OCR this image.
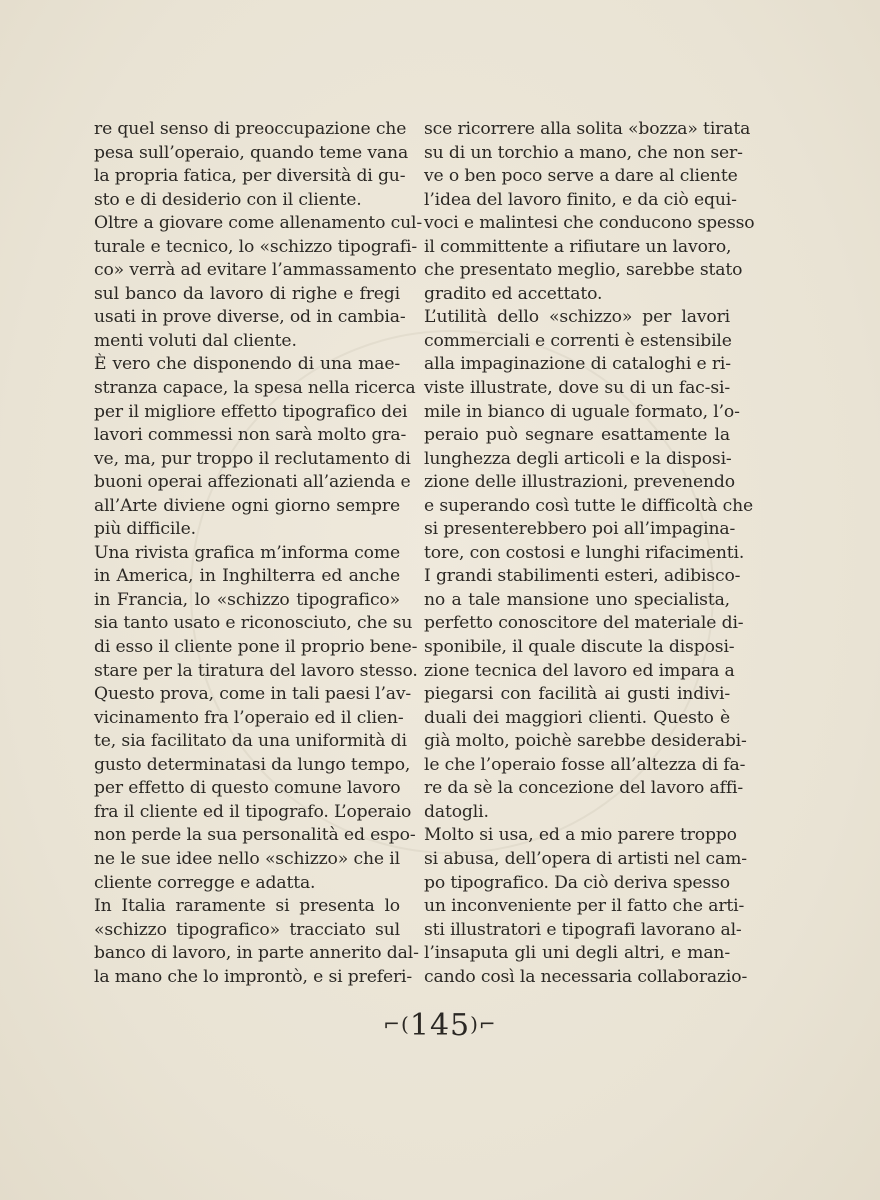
re quel senso di preoccupazione che
pesa sull’operaio, quando teme vana
la propria fatica, per diversità di gu-
sto e di desiderio con il cliente.
Oltre a giovare come allenamento cul-
turale e tecnico, lo «schizzo tipografi-
co» verrà ad evitare l’ammassamento
sul banco da lavoro di righe e fregi
usati in prove diverse, od in cambia-
menti voluti dal cliente.
È vero che disponendo di una mae-
stranza capace, la spesa nella ricerca
per il migliore effetto tipografico dei
lavori commessi non sarà molto gra-
ve, ma, pur troppo il reclutamento di
buoni operai affezionati all’azienda e
all’Arte diviene ogni giorno sempre
più difficile.
Una rivista grafica m’informa come
in America, in Inghilterra ed anche
in Francia, lo «schizzo tipografico»
sia tanto usato e riconosciuto, che su
di esso il cliente pone il proprio bene-
stare per la tiratura del lavoro stesso.
Questo prova, come in tali paesi l’av-
vicinamento fra l’operaio ed il clien-
te, sia facilitato da una uniformità di
gusto determinatasi da lungo tempo,
per effetto di questo comune lavoro
fra il cliente ed il tipografo. L’operaio
non perde la sua personalità ed espo-
ne le sue idee nello «schizzo» che il
cliente corregge e adatta.
In Italia raramente si presenta lo
«schizzo tipografico» tracciato sul
banco di lavoro, in parte annerito dal-
la mano che lo improntò, e si preferi-
sce ricorrere alla solita «bozza» tirata
su di un torchio a mano, che non ser-
ve o ben poco serve a dare al cliente
l’idea del lavoro finito, e da ciò equi-
voci e malintesi che conducono spesso
il committente a rifiutare un lavoro,
che presentato meglio, sarebbe stato
gradito ed accettato.
L’utilità dello «schizzo» per lavori
commerciali e correnti è estensibile
alla impaginazione di cataloghi e ri-
viste illustrate, dove su di un fac-si-
mile in bianco di uguale formato, l’o-
peraio può segnare esattamente la
lunghezza degli articoli e la disposi-
zione delle illustrazioni, prevenendo
e superando così tutte le difficoltà che
si presenterebbero poi all’impagina-
tore, con costosi e lunghi rifacimenti.
I grandi stabilimenti esteri, adibisco-
no a tale mansione uno specialista,
perfetto conoscitore del materiale di-
sponibile, il quale discute la disposi-
zione tecnica del lavoro ed impara a
piegarsi con facilità ai gusti indivi-
duali dei maggiori clienti. Questo è
già molto, poichè sarebbe desiderabi-
le che l’operaio fosse all’altezza di fa-
re da sè la concezione del lavoro affi-
datogli.
Molto si usa, ed a mio parere troppo
si abusa, dell’opera di artisti nel cam-
po tipografico. Da ciò deriva spesso
un inconveniente per il fatto che arti-
sti illustratori e tipografi lavorano al-
l’insaputa gli uni degli altri, e man-
cando così la necessaria collaborazio-
⌐(145)⌐
